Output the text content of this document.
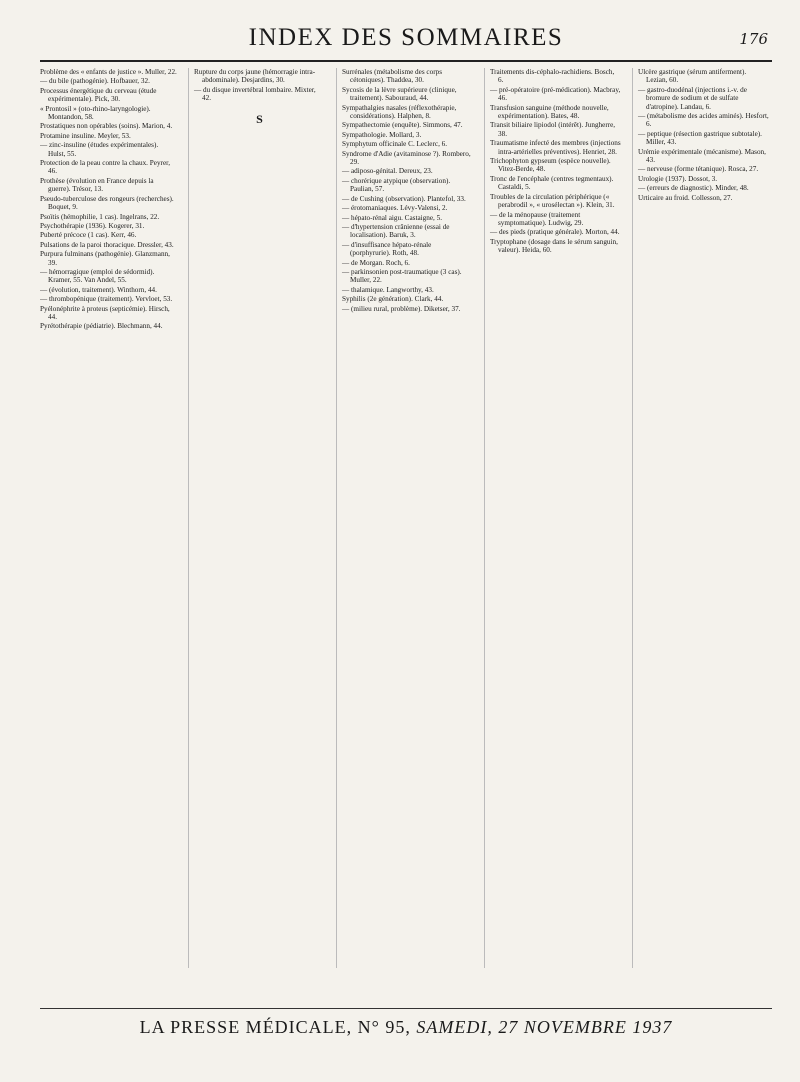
INDEX DES SOMMAIRES	176
Problème des « enfants de justice ». Muller, 22.
— du bile (pathogénie). Hofbauer, 32.
Processus énergétique du cerveau (étude expérimentale). Pick, 30.
« Prontosil » (oto-rhino-laryngologie). Montandon, 58.
Prostatiques non opérables (soins). Marion, 4.
Protamine insuline. Meyler, 53.
— zinc-insuline (études expérimentales). Hulst, 55.
Protection de la peau contre la chaux. Peyrer, 46.
Prothèse (évolution en France depuis la guerre). Trésor, 13.
Pseudo-tuberculose des rongeurs (recherches). Boquet, 9.
Psoïtis (hémophilie, 1 cas). Ingelrans, 22.
Psychothérapie (1936). Kogerer, 31.
Puberté précoce (1 cas). Kerr, 46.
Pulsations de la paroi thoracique. Dressler, 43.
Purpura fulminans (pathogénie). Glanzmann, 39.
— hémorragique (emploi de sédormid). Kramer, 55. Van Andel, 55.
— (évolution, traitement). Winthorn, 44.
— thrombopénique (traitement). Vervloet, 53.
Pyélonéphrite à proteus (septicémie). Hirsch, 44.
Pyrétothérapie (pédiatrie). Blechmann, 44.
Rupture du corps jaune (hémorragie intra-abdominale). Desjardins, 30.
— du disque invertébral lombaire. Mixter, 42.
S
Surrénales (métabolisme des corps cétoniques). Thaddea, 30.
Sycosis de la lèvre supérieure (clinique, traitement). Sabouraud, 44.
Sympathalgies nasales (réflexothérapie, considérations). Halphen, 8.
Sympathectomie (enquête). Simmons, 47.
Sympathologie. Mollard, 3.
Symphytum officinale C. Leclerc, 6.
Syndrome d'Adie (avitaminose ?). Rombero, 29.
— adiposo-génital. Dereux, 23.
— chorérique atypique (observation). Paulian, 57.
— de Cushing (observation). Plantefol, 33.
— érotomaniaques. Lévy-Valensi, 2.
— hépato-rénal aigu. Castaigne, 5.
— d'hypertension crânienne (essai de localisation). Baruk, 3.
— d'insuffisance hépato-rénale (porphyrurie). Roth, 48.
— de Morgan. Roch, 6.
— parkinsonien post-traumatique (3 cas). Muller, 22.
— thalamique. Langworthy, 43.
Syphilis (2e génération). Clark, 44.
— (milieu rural, problème). Diketser, 37.
Traitements dis-céphalo-rachidiens. Bosch, 6.
— pré-opératoire (pré-médication). Macbray, 46.
Transfusion sanguine (méthode nouvelle, expérimentation). Bates, 48.
Transit biliaire lipiodol (intérêt). Jungherre, 38.
Traumatisme infecté des membres (injections intra-artérielles préventives). Henriet, 28.
Trichophyton gypseum (espèce nouvelle). Vitez-Berde, 48.
Tronc de l'encéphale (centres tegmentaux). Castaldi, 5.
Troubles de la circulation périphérique (« perabrodil », « urosélectan »). Klein, 31.
— de la ménopause (traitement symptomatique). Ludwig, 29.
— des pieds (pratique générale). Morton, 44.
Tryptophane (dosage dans le sérum sanguin, valeur). Heida, 60.
Ulcère gastrique (sérum antiferment). Lezian, 60.
— gastro-duodénal (injections i.-v. de bromure de sodium et de sulfate d'atropine). Landau, 6.
— (métabolisme des acides aminés). Hesfort, 6.
— peptique (résection gastrique subtotale). Miller, 43.
Urémie expérimentale (mécanisme). Mason, 43.
— nerveuse (forme tétanique). Rosca, 27.
Urologie (1937). Dossot, 3.
— (erreurs de diagnostic). Minder, 48.
Urticaire au froid. Collesson, 27.
LA PRESSE MÉDICALE, N° 95, SAMEDI, 27 NOVEMBRE 1937
